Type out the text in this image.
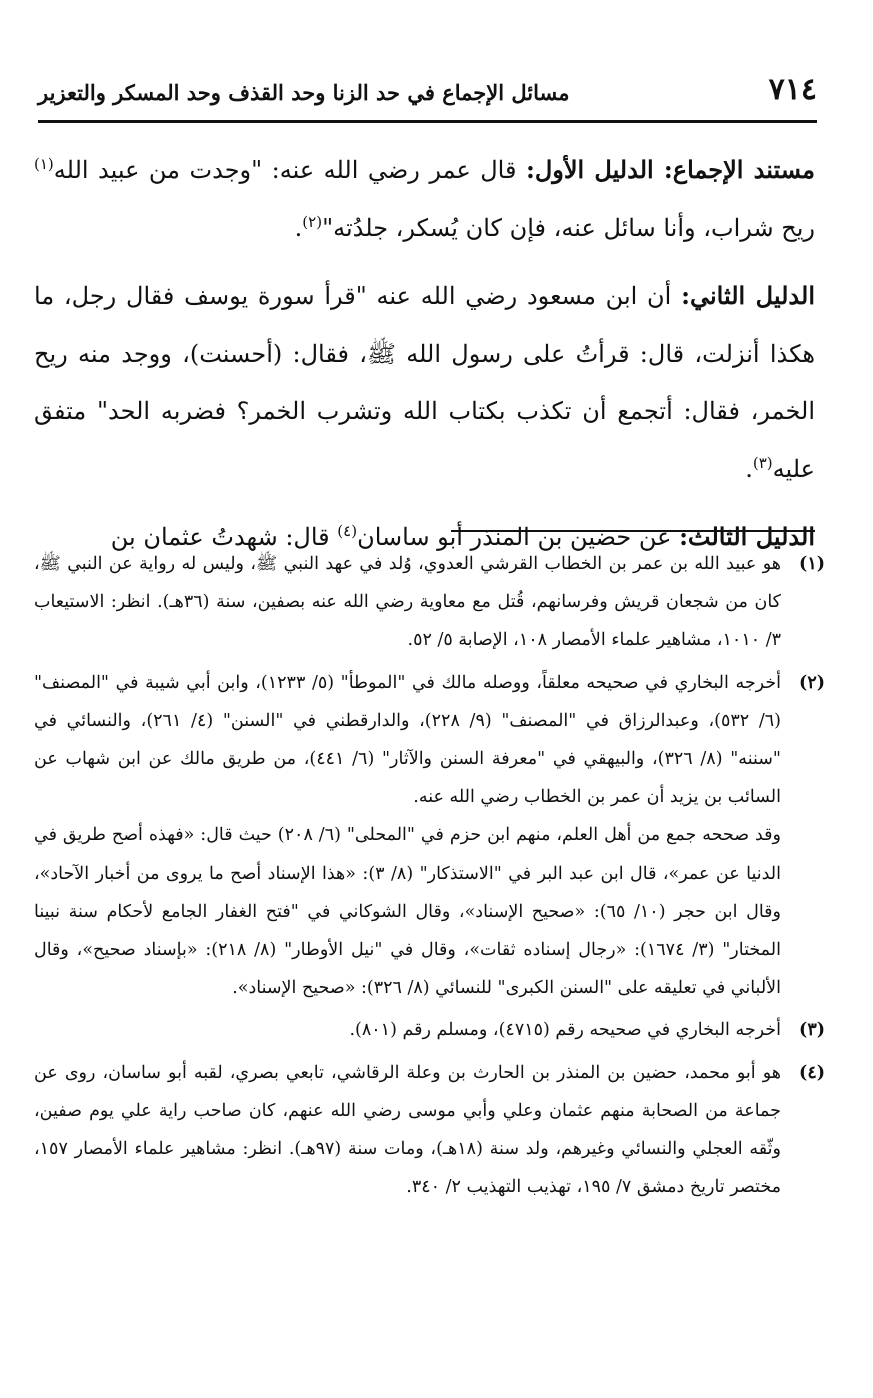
٧١٤
مسائل الإجماع في حد الزنا وحد القذف وحد المسكر والتعزير

مستند الإجماع: الدليل الأول: قال عمر رضي الله عنه: "وجدت من عبيد الله$^{(١)}$ ريح شراب، وأنا سائل عنه، فإن كان يُسكر، جلدُته"$^{(٢)}$.

الدليل الثاني: أن ابن مسعود رضي الله عنه "قرأ سورة يوسف فقال رجل، ما هكذا أنزلت، قال: قرأتُ على رسول الله ﷺ، فقال: (أحسنت)، ووجد منه ريح الخمر، فقال: أتجمع أن تكذب بكتاب الله وتشرب الخمر؟ فضربه الحد" متفق عليه$^{(٣)}$.

الدليل الثالث: عن حضين بن المنذر أبو ساسان$^{(٤)}$ قال: شهدتُ عثمان بن

(١)

هو عبيد الله بن عمر بن الخطاب القرشي العدوي، وُلد في عهد النبي ﷺ، وليس له رواية عن النبي ﷺ، كان من شجعان قريش وفرسانهم، قُتل مع معاوية رضي الله عنه بصفين، سنة (٣٦هـ). انظر: الاستيعاب ٣/ ١٠١٠، مشاهير علماء الأمصار ١٠٨، الإصابة ٥/ ٥٢.

(٢)

أخرجه البخاري في صحيحه معلقاً، ووصله مالك في "الموطأ" (٥/ ١٢٣٣)، وابن أبي شيبة في "المصنف" (٦/ ٥٣٢)، وعبدالرزاق في "المصنف" (٩/ ٢٢٨)، والدارقطني في "السنن" (٤/ ٢٦١)، والنسائي في "سننه" (٨/ ٣٢٦)، والبيهقي في "معرفة السنن والآثار" (٦/ ٤٤١)، من طريق مالك عن ابن شهاب عن السائب بن يزيد أن عمر بن الخطاب رضي الله عنه.

وقد صححه جمع من أهل العلم، منهم ابن حزم في "المحلى" (٦/ ٢٠٨) حيث قال: «فهذه أصح طريق في الدنيا عن عمر»، قال ابن عبد البر في "الاستذكار" (٨/ ٣): «هذا الإسناد أصح ما يروى من أخبار الآحاد»، وقال ابن حجر (١٠/ ٦٥): «صحيح الإسناد»، وقال الشوكاني في "فتح الغفار الجامع لأحكام سنة نبينا المختار" (٣/ ١٦٧٤): «رجال إسناده ثقات»، وقال في "نيل الأوطار" (٨/ ٢١٨): «بإسناد صحيح»، وقال الألباني في تعليقه على "السنن الكبرى" للنسائي (٨/ ٣٢٦): «صحيح الإسناد».

(٣)

أخرجه البخاري في صحيحه رقم (٤٧١٥)، ومسلم رقم (٨٠١).

(٤)

هو أبو محمد، حضين بن المنذر بن الحارث بن وعلة الرقاشي، تابعي بصري، لقبه أبو ساسان، روى عن جماعة من الصحابة منهم عثمان وعلي وأبي موسى رضي الله عنهم، كان صاحب راية علي يوم صفين، وثّقه العجلي والنسائي وغيرهم، ولد سنة (١٨هـ)، ومات سنة (٩٧هـ). انظر: مشاهير علماء الأمصار ١٥٧، مختصر تاريخ دمشق ٧/ ١٩٥، تهذيب التهذيب ٢/ ٣٤٠.
